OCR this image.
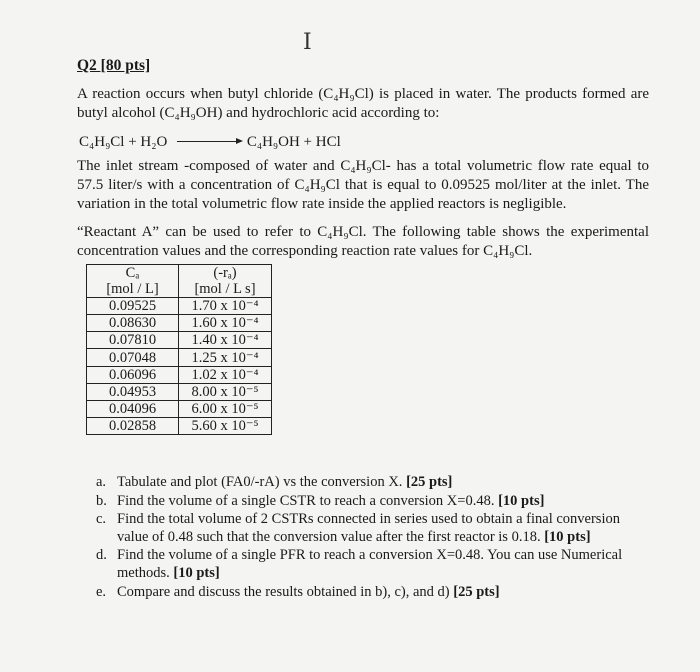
I
Q2 [80 pts]
A reaction occurs when butyl chloride (C₄H₉Cl) is placed in water. The products formed are butyl alcohol (C₄H₉OH) and hydrochloric acid according to:
C₄H₉Cl + H₂O	C₄H₉OH + HCl
The inlet stream -composed of water and C₄H₉Cl- has a total volumetric flow rate equal to 57.5 liter/s with a concentration of C₄H₉Cl that is equal to 0.09525 mol/liter at the inlet. The variation in the total volumetric flow rate inside the applied reactors is negligible.
“Reactant A” can be used to refer to C₄H₉Cl. The following table shows the experimental concentration values and the corresponding reaction rate values for C₄H₉Cl.
Cₐ	(-rₐ)
[mol / L]	[mol / L s]
0.09525	1.70 x 10⁻⁴
0.08630	1.60 x 10⁻⁴
0.07810	1.40 x 10⁻⁴
0.07048	1.25 x 10⁻⁴
0.06096	1.02 x 10⁻⁴
0.04953	8.00 x 10⁻⁵
0.04096	6.00 x 10⁻⁵
0.02858	5.60 x 10⁻⁵
a. Tabulate and plot (FA0/-rA) vs the conversion X. [25 pts]
b. Find the volume of a single CSTR to reach a conversion X=0.48. [10 pts]
c. Find the total volume of 2 CSTRs connected in series used to obtain a final conversion value of 0.48 such that the conversion value after the first reactor is 0.18. [10 pts]
d. Find the volume of a single PFR to reach a conversion X=0.48. You can use Numerical methods. [10 pts]
e. Compare and discuss the results obtained in b), c), and d) [25 pts]
